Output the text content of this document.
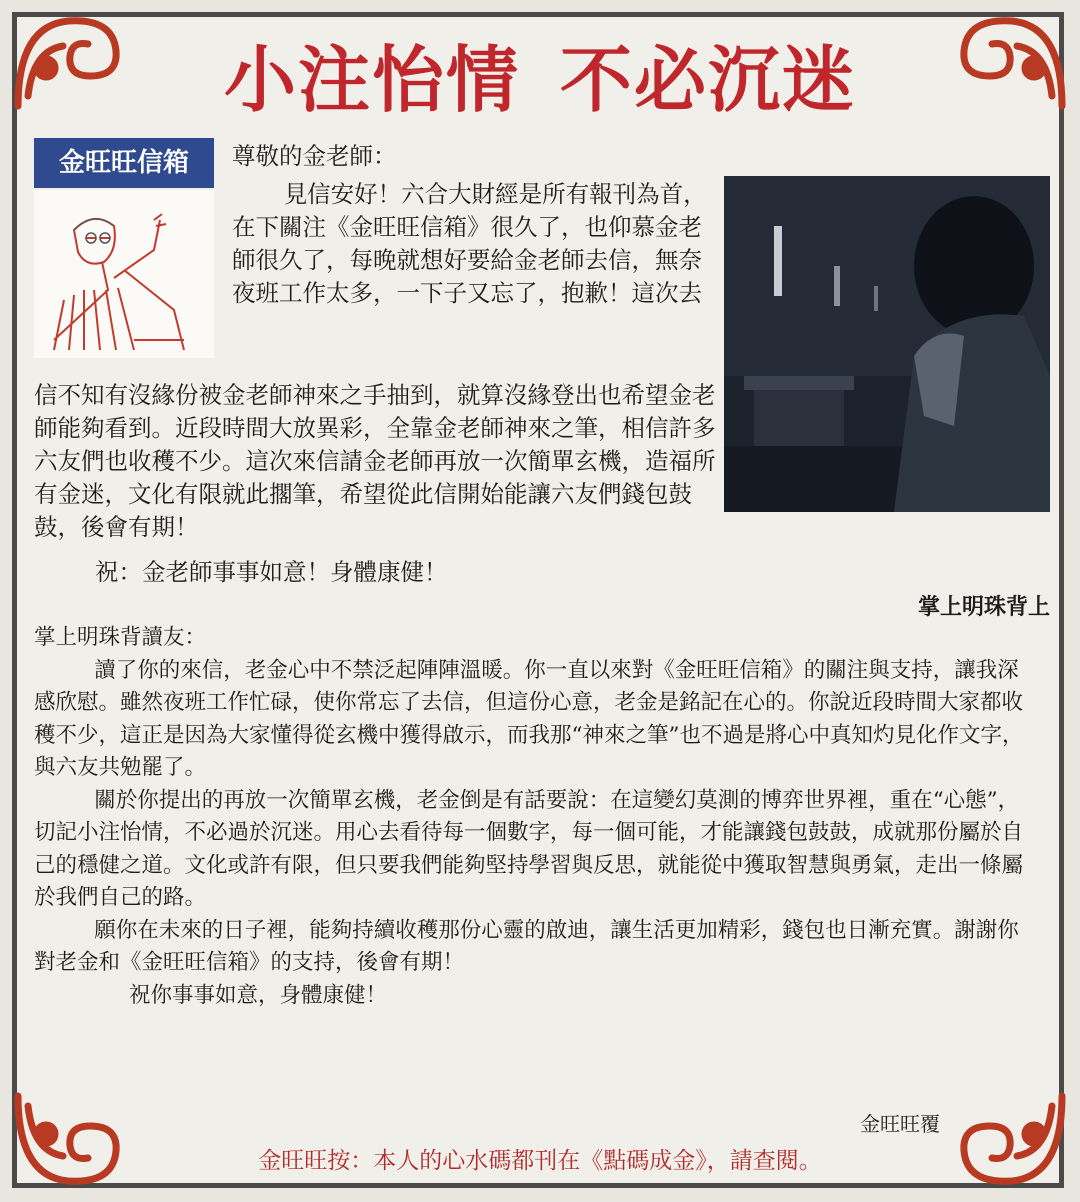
小注怡情 不必沉迷
金旺旺信箱	尊敬的金老師：
見信安好！六合大財經是所有報刊為首，在下關注《金旺旺信箱》很久了，也仰慕金老師很久了，每晚就想好要給金老師去信，無奈夜班工作太多，一下子又忘了，抱歉！這次去
信不知有沒緣份被金老師神來之手抽到，就算沒緣登出也希望金老師能夠看到。近段時間大放異彩，全靠金老師神來之筆，相信許多六友們也收穫不少。這次來信請金老師再放一次簡單玄機，造福所有金迷，文化有限就此擱筆，希望從此信開始能讓六友們錢包鼓鼓，後會有期！
祝：金老師事事如意！身體康健！
掌上明珠背上

掌上明珠背讀友：

讀了你的來信，老金心中不禁泛起陣陣溫暖。你一直以來對《金旺旺信箱》的關注與支持，讓我深感欣慰。雖然夜班工作忙碌，使你常忘了去信，但這份心意，老金是銘記在心的。你說近段時間大家都收穫不少，這正是因為大家懂得從玄機中獲得啟示，而我那“神來之筆”也不過是將心中真知灼見化作文字，與六友共勉罷了。

關於你提出的再放一次簡單玄機，老金倒是有話要說：在這變幻莫測的博弈世界裡，重在“心態”，切記小注怡情，不必過於沉迷。用心去看待每一個數字，每一個可能，才能讓錢包鼓鼓，成就那份屬於自己的穩健之道。文化或許有限，但只要我們能夠堅持學習與反思，就能從中獲取智慧與勇氣，走出一條屬於我們自己的路。

願你在未來的日子裡，能夠持續收穫那份心靈的啟迪，讓生活更加精彩，錢包也日漸充實。謝謝你對老金和《金旺旺信箱》的支持，後會有期！

祝你事事如意，身體康健！

金旺旺覆
金旺旺按：本人的心水碼都刊在《點碼成金》，請查閱。
